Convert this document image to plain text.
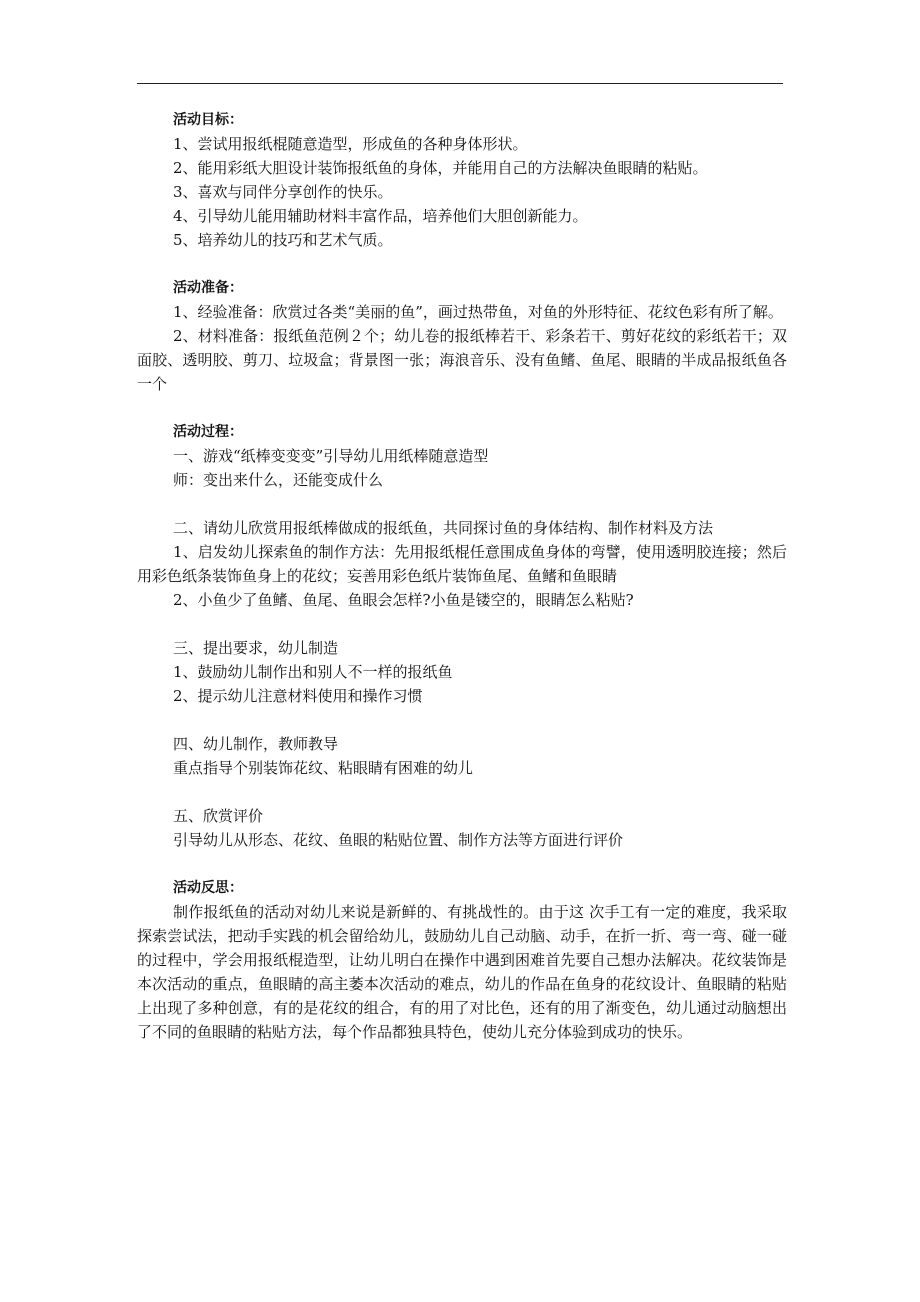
活动目标：

1、尝试用报纸棍随意造型，形成鱼的各种身体形状。

2、能用彩纸大胆设计装饰报纸鱼的身体，并能用自己的方法解决鱼眼睛的粘贴。

3、喜欢与同伴分享创作的快乐。

4、引导幼儿能用辅助材料丰富作品，培养他们大胆创新能力。

5、培养幼儿的技巧和艺术气质。

活动准备：

1、经验准备：欣赏过各类“美丽的鱼”，画过热带鱼，对鱼的外形特征、花纹色彩有所了解。

2、材料准备：报纸鱼范例２个；幼儿卷的报纸棒若干、彩条若干、剪好花纹的彩纸若干；双面胶、透明胶、剪刀、垃圾盒；背景图一张；海浪音乐、没有鱼鳍、鱼尾、眼睛的半成品报纸鱼各一个

活动过程：

一、游戏“纸棒变变变”引导幼儿用纸棒随意造型

师：变出来什么，还能变成什么

二、请幼儿欣赏用报纸棒做成的报纸鱼，共同探讨鱼的身体结构、制作材料及方法

1、启发幼儿探索鱼的制作方法：先用报纸棍任意围成鱼身体的弯譬，使用透明胶连接；然后用彩色纸条装饰鱼身上的花纹；妄善用彩色纸片装饰鱼尾、鱼鳍和鱼眼睛

2、小鱼少了鱼鳍、鱼尾、鱼眼会怎样?小鱼是镂空的，眼睛怎么粘贴?

三、提出要求，幼儿制造

1、鼓励幼儿制作出和别人不一样的报纸鱼

2、提示幼儿注意材料使用和操作习惯

四、幼儿制作，教师教导

重点指导个别装饰花纹、粘眼睛有困难的幼儿

五、欣赏评价

引导幼儿从形态、花纹、鱼眼的粘贴位置、制作方法等方面进行评价

活动反思：

制作报纸鱼的活动对幼儿来说是新鲜的、有挑战性的。由于这 次手工有一定的难度，我采取探索尝试法，把动手实践的机会留给幼儿，鼓励幼儿自己动脑、动手，在折一折、弯一弯、碰一碰的过程中，学会用报纸棍造型，让幼儿明白在操作中遇到困难首先要自己想办法解决。花纹装饰是本次活动的重点，鱼眼睛的高主萎本次活动的难点，幼儿的作品在鱼身的花纹设计、鱼眼睛的粘贴上出现了多种创意，有的是花纹的组合，有的用了对比色，还有的用了渐变色，幼儿通过动脑想出了不同的鱼眼睛的粘贴方法，每个作品都独具特色，使幼儿充分体验到成功的快乐。
